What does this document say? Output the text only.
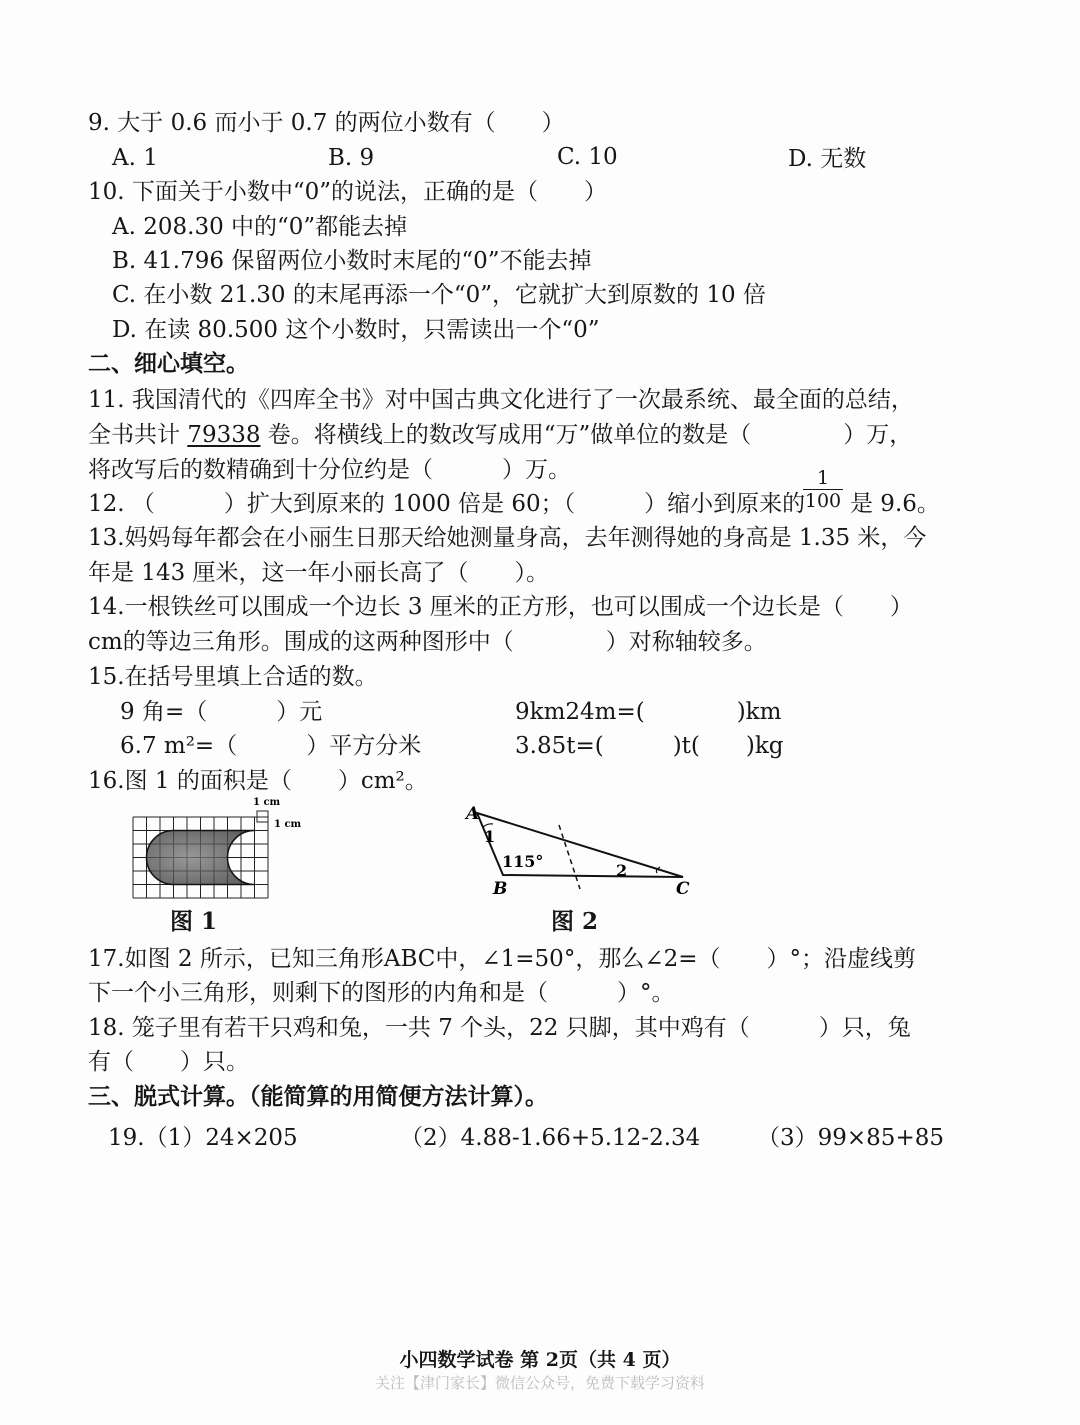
9. 大于 0.6 而小于 0.7 的两位小数有（　　）
A. 1	B. 9	C. 10	D. 无数
10. 下面关于小数中“0”的说法，正确的是（　　）
A. 208.30 中的“0”都能去掉
B. 41.796 保留两位小数时末尾的“0”不能去掉
C. 在小数 21.30 的末尾再添一个“0”，它就扩大到原数的 10 倍
D. 在读 80.500 这个小数时，只需读出一个“0”
二、细心填空。
11. 我国清代的《四库全书》对中国古典文化进行了一次最系统、最全面的总结，
全书共计 79338 卷。将横线上的数改写成用“万”做单位的数是（　　　　）万，
将改写后的数精确到十分位约是（　　　）万。
12. （　　　）扩大到原来的 1000 倍是 60；（　　　）缩小到原来的
$\frac{1}{100}$ 是 9.6。
13.妈妈每年都会在小丽生日那天给她测量身高，去年测得她的身高是 1.35 米，今
年是 143 厘米，这一年小丽长高了（　　）。
14.一根铁丝可以围成一个边长 3 厘米的正方形，也可以围成一个边长是（　　）
cm的等边三角形。围成的这两种图形中（　　　　）对称轴较多。
15.在括号里填上合适的数。
9 角=（　　　）元	9km24m=(　　　　)km
6.7 m²=（　　　）平方分米	3.85t=(　　　)t(　　)kg
16.图 1 的面积是（　　）cm²。
1 cm
1 cm
图 1
A
B	C
1
2
115°
图 2
17.如图 2 所示，已知三角形ABC中，∠1=50°，那么∠2=（　　）°；沿虚线剪
下一个小三角形，则剩下的图形的内角和是（　　　）°。
18. 笼子里有若干只鸡和兔，一共 7 个头，22 只脚，其中鸡有（　　　）只，兔
有（　　）只。
三、脱式计算。（能简算的用简便方法计算）。
19.（1）24×205	（2）4.88-1.66+5.12-2.34 （3）99×85+85
小四数学试卷 第 2页（共 4 页）
关注【津门家长】微信公众号，免费下载学习资料
